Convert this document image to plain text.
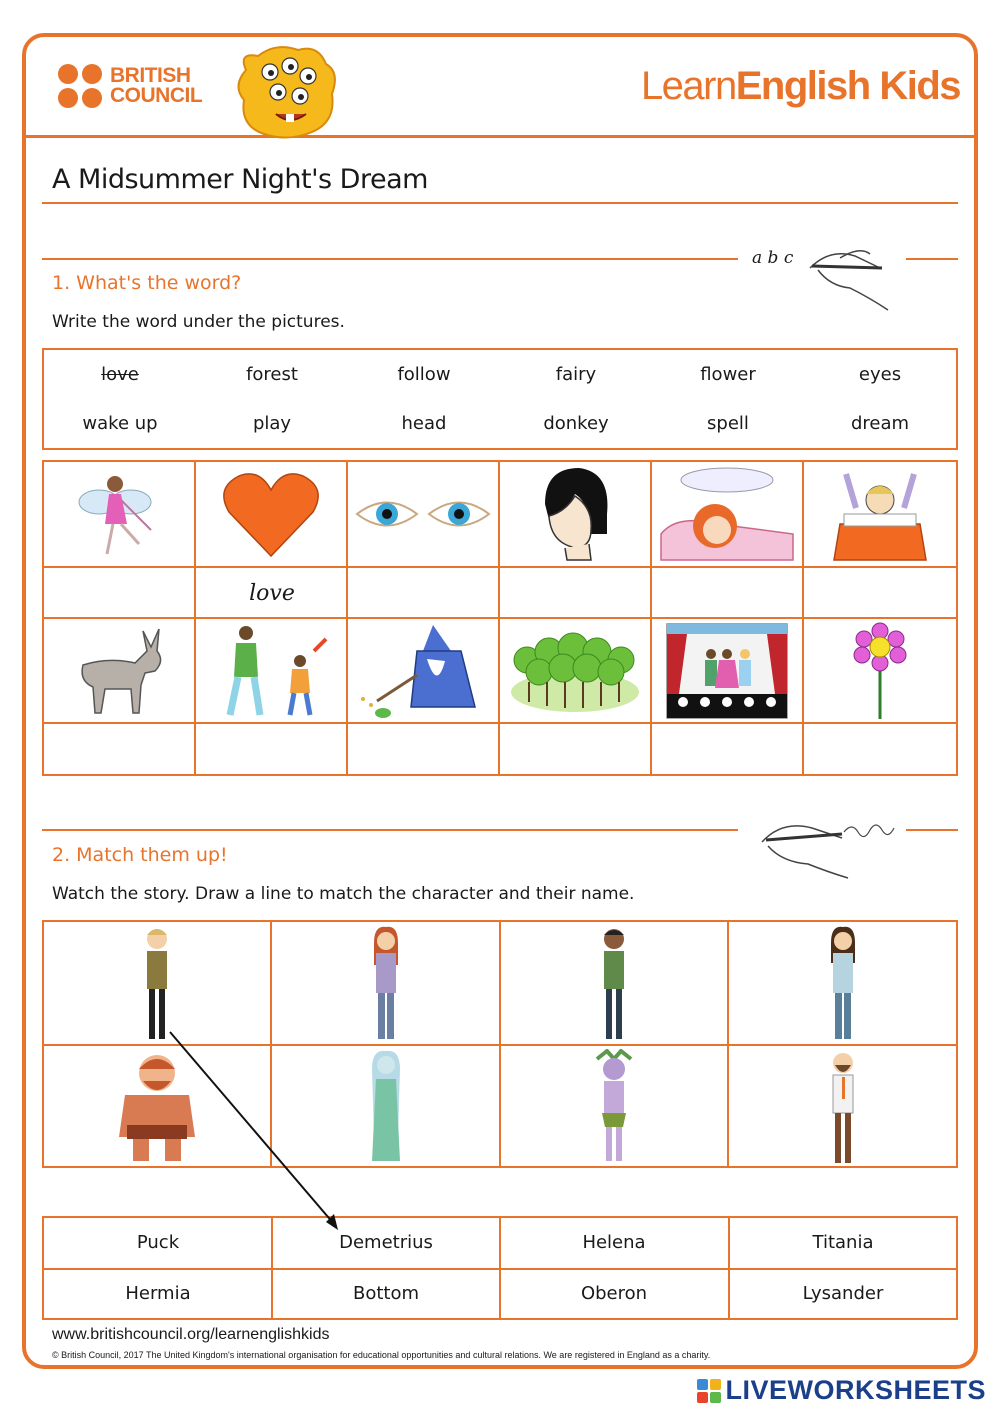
BRITISH
COUNCIL	LearnEnglish Kids
A Midsummer Night's Dream
a b c
1. What's the word?
Write the word under the pictures.
love	forest	follow	fairy	flower	eyes
wake up	play	head	donkey	spell	dream
love
2. Match them up!
Watch the story. Draw a line to match the character and their name.
Puck	Demetrius	Helena	Titania
Hermia	Bottom	Oberon	Lysander
www.britishcouncil.org/learnenglishkids
© British Council, 2017 The United Kingdom's international organisation for educational opportunities and cultural relations. We are registered in England as a charity.
LIVEWORKSHEETS
